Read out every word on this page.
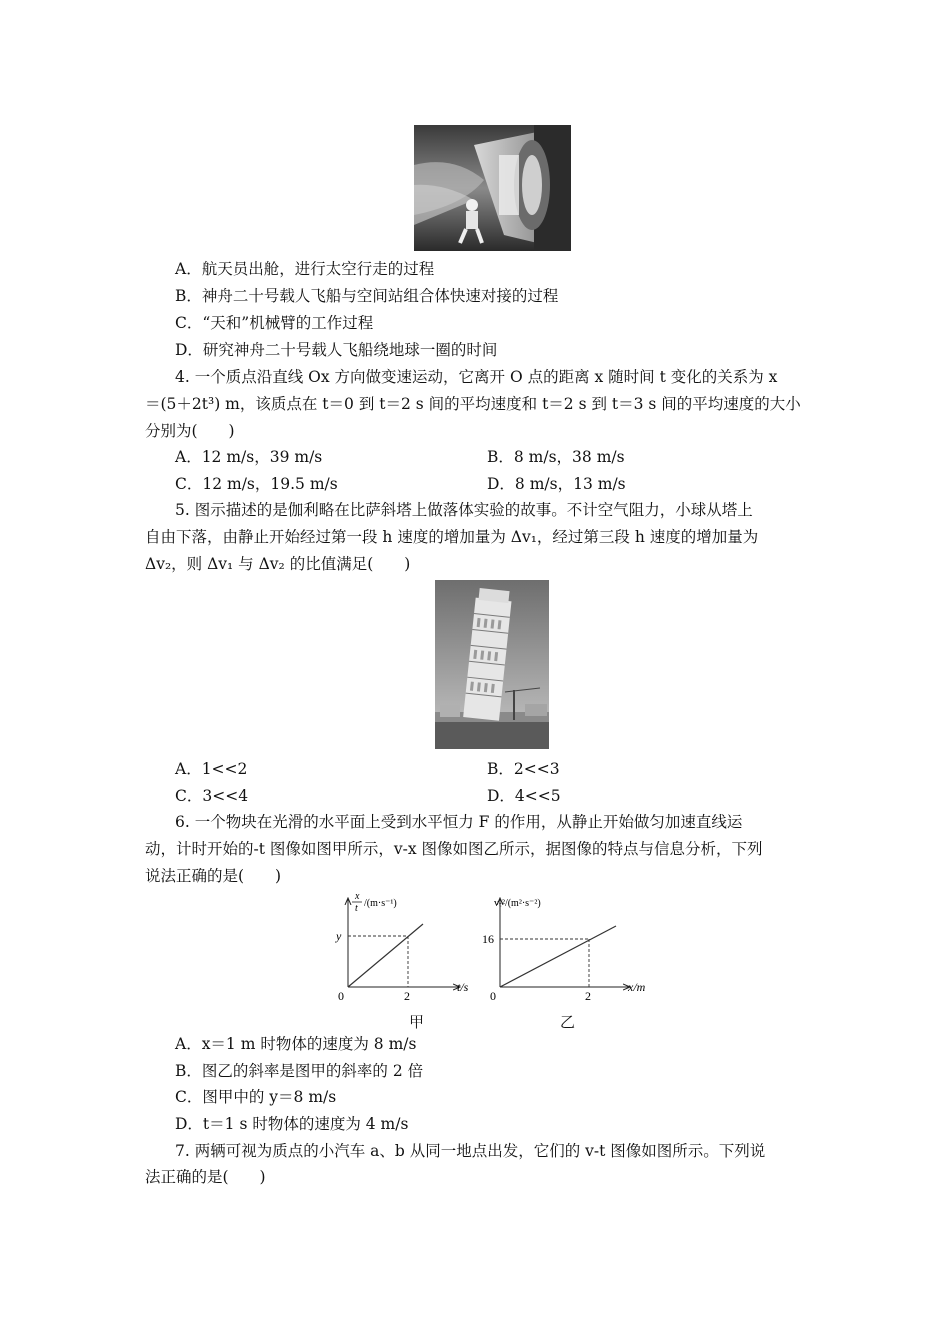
A．航天员出舱，进行太空行走的过程
B．神舟二十号载人飞船与空间站组合体快速对接的过程
C．“天和”机械臂的工作过程
D．研究神舟二十号载人飞船绕地球一圈的时间
4. 一个质点沿直线 Ox 方向做变速运动，它离开 O 点的距离 x 随时间 t 变化的关系为 x
＝(5＋2t³) m，该质点在 t＝0 到 t＝2 s 间的平均速度和 t＝2 s 到 t＝3 s 间的平均速度的大小
分别为(　　)
A．12 m/s，39 m/s	B．8 m/s，38 m/s
C．12 m/s，19.5 m/s	D．8 m/s，13 m/s
5. 图示描述的是伽利略在比萨斜塔上做落体实验的故事。不计空气阻力，小球从塔上
自由下落，由静止开始经过第一段 h 速度的增加量为 Δv₁，经过第三段 h 速度的增加量为
Δv₂，则 Δv₁ 与 Δv₂ 的比值满足(　　)
A．1<<2	B．2<<3
C．3<<4	D．4<<5
6. 一个物块在光滑的水平面上受到水平恒力 F 的作用，从静止开始做匀加速直线运
动，计时开始的-t 图像如图甲所示，v-x 图像如图乙所示，据图像的特点与信息分析，下列
说法正确的是(　　)
x
t /(m·s⁻¹)
t/s
0	2
y
甲
vₜ²/(m²·s⁻²)
x/m
0	2
16
乙
A．x＝1 m 时物体的速度为 8 m/s
B．图乙的斜率是图甲的斜率的 2 倍
C．图甲中的 y＝8 m/s
D．t＝1 s 时物体的速度为 4 m/s
7. 两辆可视为质点的小汽车 a、b 从同一地点出发，它们的 v-t 图像如图所示。下列说
法正确的是(　　)
